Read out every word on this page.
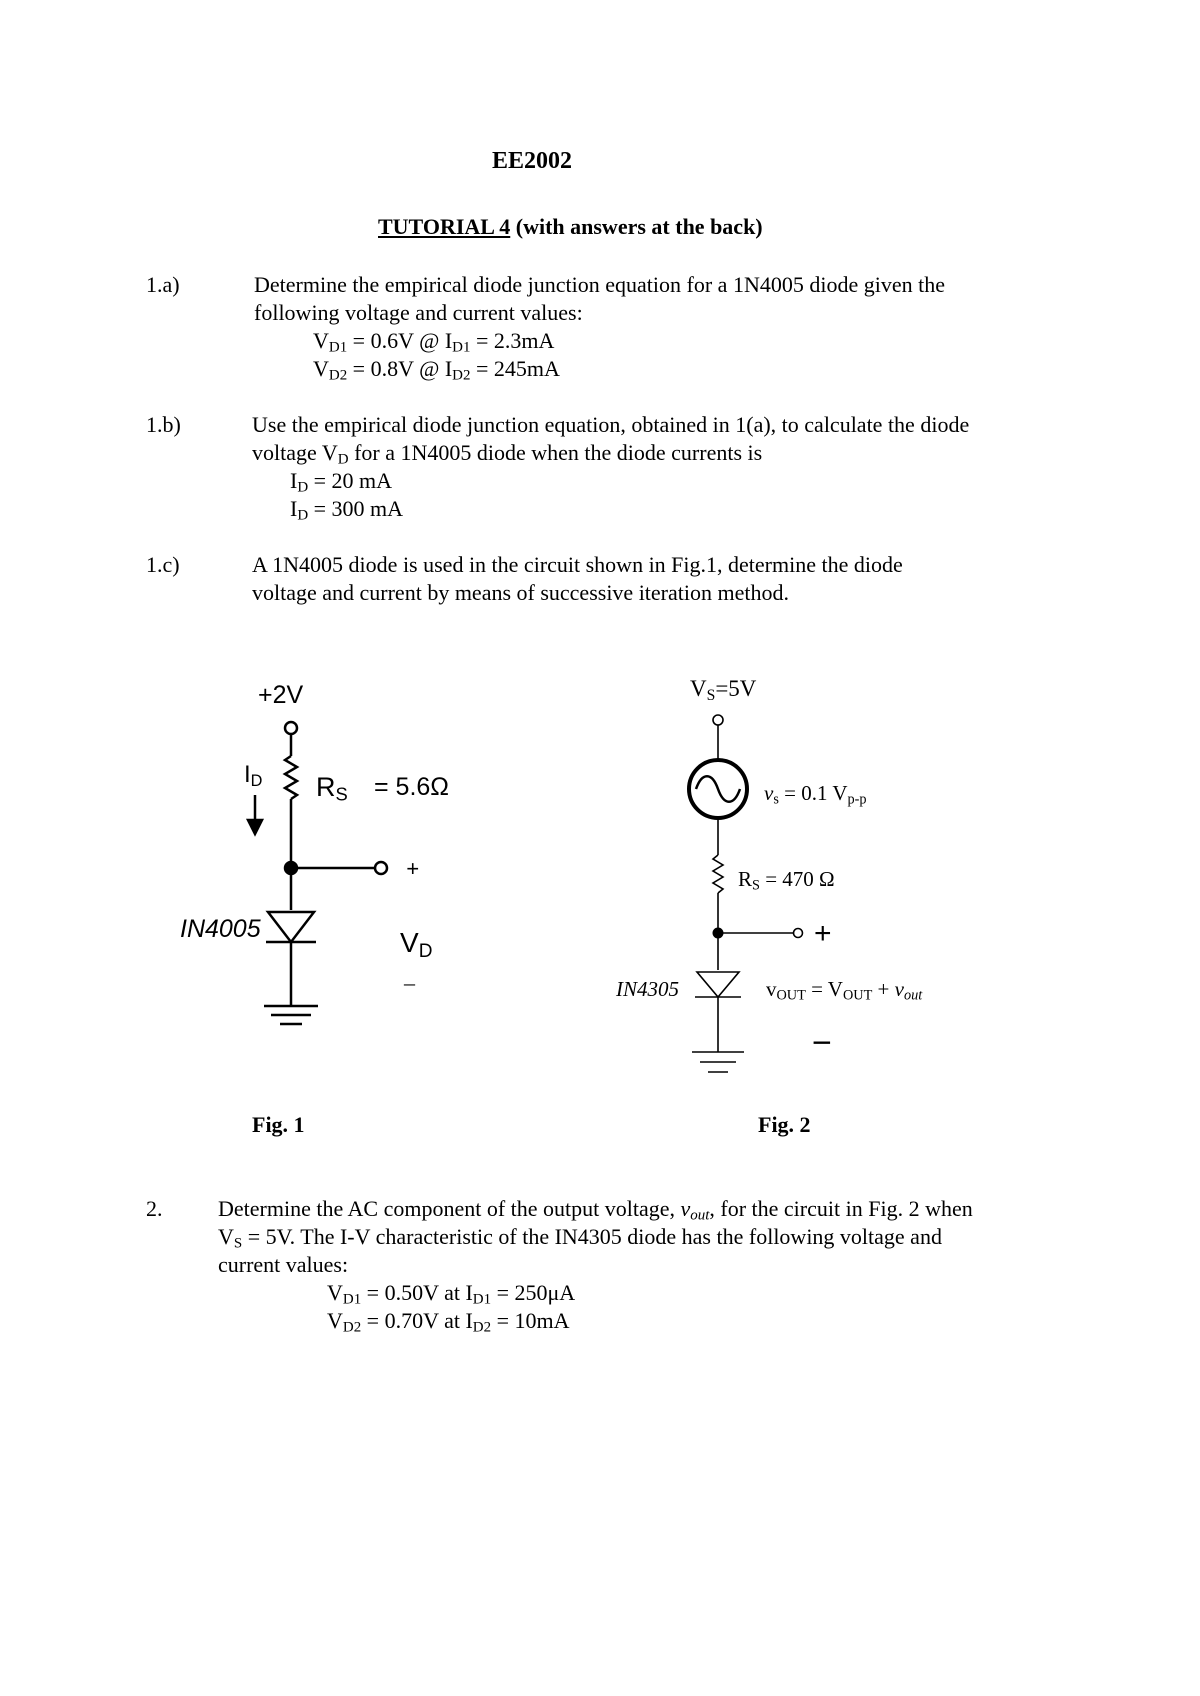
EE2002
TUTORIAL 4 (with answers at the back)
1.a)	Determine the empirical diode junction equation for a 1N4005 diode given the
following voltage and current values:
$V_{D1} = 0.6V$ @ $I_{D1} = 2.3mA$
$V_{D2} = 0.8V$ @ $I_{D2} = 245mA$
1.b)	Use the empirical diode junction equation, obtained in 1(a), to calculate the diode
voltage $V_D$ for a 1N4005 diode when the diode currents is
$I_D = 20$ mA
$I_D = 300$ mA
1.c)	A 1N4005 diode is used in the circuit shown in Fig.1, determine the diode
voltage and current by means of successive iteration method.
+2V
$I_D$ $R_S = 5.6\Omega$
+
IN4005	$V_D$
–
Fig. 1
$V_S=5V$
$v_s = 0.1$ $V_{p-p}$
$R_S = 470$ Ω
+
IN4305	$v_{OUT} = V_{OUT} + v_{out}$
−
Fig. 2
2.	Determine the AC component of the output voltage, $v_{out}$, for the circuit in Fig. 2 when
$V_S = 5V$. The I-V characteristic of the IN4305 diode has the following voltage and
current values:
$V_{D1} = 0.50V$ at $I_{D1} = 250\mu A$
$V_{D2} = 0.70V$ at $I_{D2} = 10mA$
